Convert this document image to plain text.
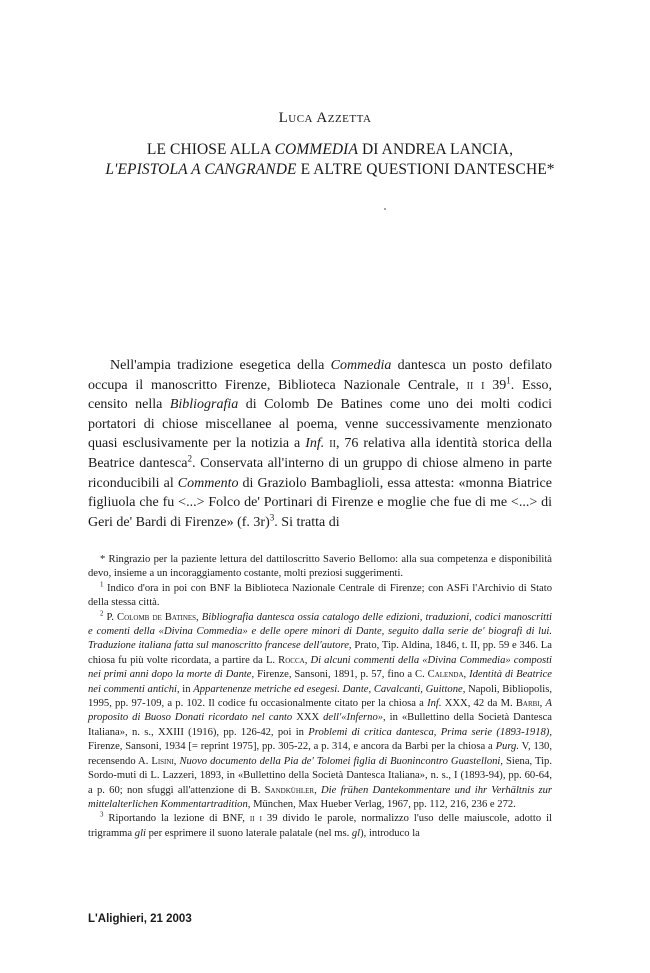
Luca Azzetta
LE CHIOSE ALLA COMMEDIA DI ANDREA LANCIA,
L'EPISTOLA A CANGRANDE E ALTRE QUESTIONI DANTESCHE*

Nell'ampia tradizione esegetica della Commedia dantesca un posto defilato occupa il manoscritto Firenze, Biblioteca Nazionale Centrale, ii i $39^1$. Esso, censito nella Bibliografia di Colomb De Batines come uno dei molti codici portatori di chiose miscellanee al poema, venne successivamente menzionato quasi esclusivamente per la notizia a Inf. ii, 76 relativa alla identità storica della Beatrice dantesca$^2$. Conservata all'interno di un gruppo di chiose almeno in parte riconducibili al Commento di Graziolo Bambaglioli, essa attesta: «monna Biatrice figliuola che fu <...> Folco de' Portinari di Firenze e moglie che fue di me <...> di Geri de' Bardi di Firenze» (f. 3r)$^3$. Si tratta di

* Ringrazio per la paziente lettura del dattiloscritto Saverio Bellomo: alla sua competenza e disponibilità devo, insieme a un incoraggiamento costante, molti preziosi suggerimenti.

$^1$ Indico d'ora in poi con BNF la Biblioteca Nazionale Centrale di Firenze; con ASFi l'Archivio di Stato della stessa città.

$^2$ P. Colomb de Batines, Bibliografia dantesca ossia catalogo delle edizioni, traduzioni, codici manoscritti e comenti della «Divina Commedia» e delle opere minori di Dante, seguito dalla serie de' biografi di lui. Traduzione italiana fatta sul manoscritto francese dell'autore, Prato, Tip. Aldina, 1846, t. II, pp. 59 e 346. La chiosa fu più volte ricordata, a partire da L. Rocca, Di alcuni commenti della «Divina Commedia» composti nei primi anni dopo la morte di Dante, Firenze, Sansoni, 1891, p. 57, fino a C. Calenda, Identità di Beatrice nei commenti antichi, in Appartenenze metriche ed esegesi. Dante, Cavalcanti, Guittone, Napoli, Bibliopolis, 1995, pp. 97-109, a p. 102. Il codice fu occasionalmente citato per la chiosa a Inf. XXX, 42 da M. Barbi, A proposito di Buoso Donati ricordato nel canto XXX dell'«Inferno», in «Bullettino della Società Dantesca Italiana», n. s., XXIII (1916), pp. 126-42, poi in Problemi di critica dantesca, Prima serie (1893-1918), Firenze, Sansoni, 1934 [= reprint 1975], pp. 305-22, a p. 314, e ancora da Barbi per la chiosa a Purg. V, 130, recensendo A. Lisini, Nuovo documento della Pia de' Tolomei figlia di Buonincontro Guastelloni, Siena, Tip. Sordo-muti di L. Lazzeri, 1893, in «Bullettino della Società Dantesca Italiana», n. s., I (1893-94), pp. 60-64, a p. 60; non sfuggì all'attenzione di B. Sandkühler, Die frühen Dantekommentare und ihr Verhältnis zur mittelalterlichen Kommentartradition, München, Max Hueber Verlag, 1967, pp. 112, 216, 236 e 272.

$^3$ Riportando la lezione di BNF, ii i 39 divido le parole, normalizzo l'uso delle maiuscole, adotto il trigramma gli per esprimere il suono laterale palatale (nel ms. gl), introduco la

L'Alighieri, 21 2003
